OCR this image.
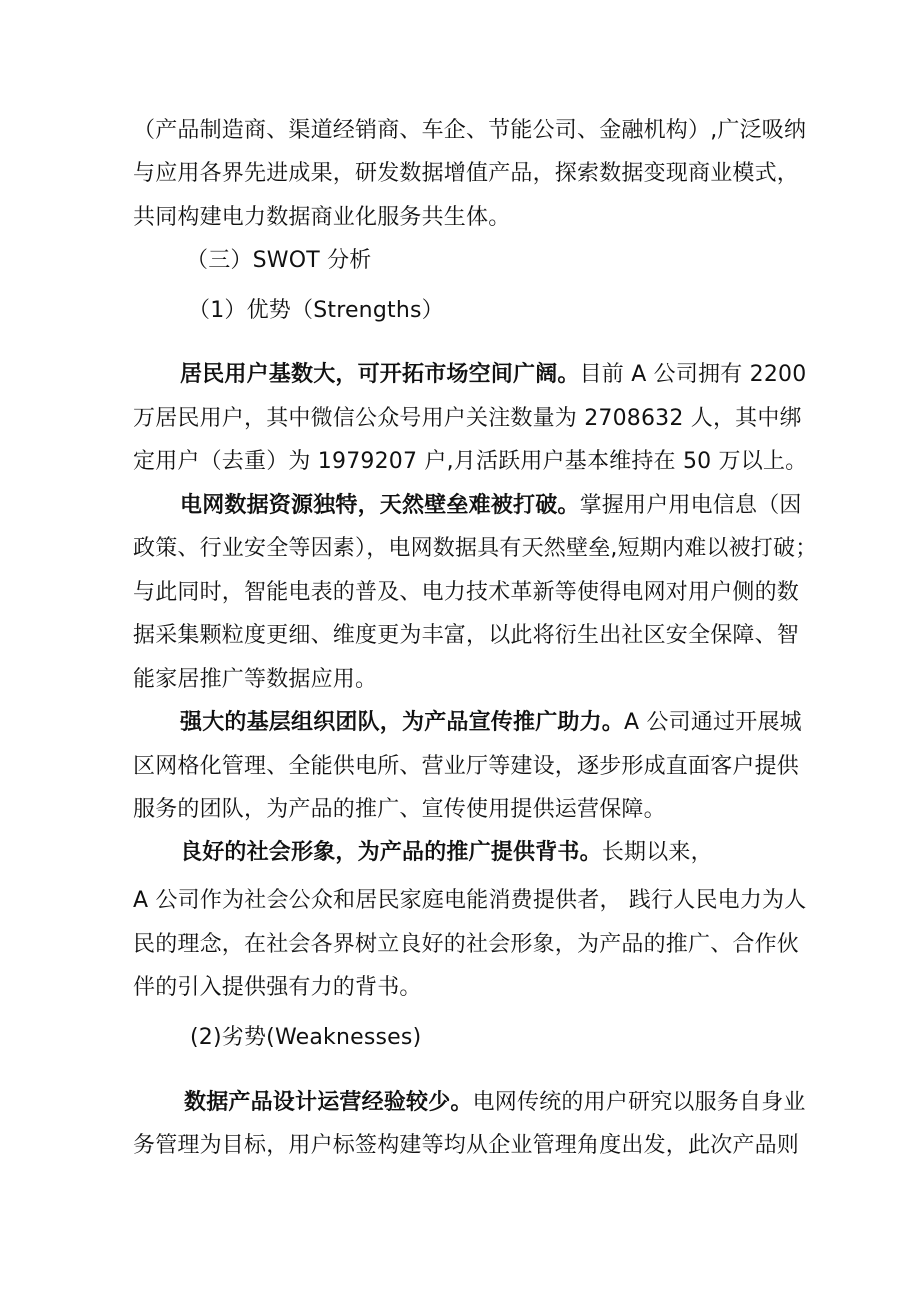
（产品制造商、渠道经销商、车企、节能公司、金融机构）,广泛吸纳
与应用各界先进成果，研发数据增值产品，探索数据变现商业模式，
共同构建电力数据商业化服务共生体。
（三）SWOT 分析
（1）优势（Strengths）
居民用户基数大，可开拓市场空间广阔。目前 A 公司拥有 2200
万居民用户，其中微信公众号用户关注数量为 2708632 人，其中绑
定用户（去重）为 1979207 户,月活跃用户基本维持在 50 万以上。
电网数据资源独特，天然壁垒难被打破。掌握用户用电信息（因
政策、行业安全等因素），电网数据具有天然壁垒,短期内难以被打破；
与此同时，智能电表的普及、电力技术革新等使得电网对用户侧的数
据采集颗粒度更细、维度更为丰富，以此将衍生出社区安全保障、智
能家居推广等数据应用。
强大的基层组织团队，为产品宣传推广助力。A 公司通过开展城
区网格化管理、全能供电所、营业厅等建设，逐步形成直面客户提供
服务的团队，为产品的推广、宣传使用提供运营保障。
良好的社会形象，为产品的推广提供背书。长期以来，
A 公司作为社会公众和居民家庭电能消费提供者， 践行人民电力为人
民的理念，在社会各界树立良好的社会形象，为产品的推广、合作伙
伴的引入提供强有力的背书。
(2)劣势(Weaknesses)
数据产品设计运营经验较少。电网传统的用户研究以服务自身业
务管理为目标，用户标签构建等均从企业管理角度出发，此次产品则
